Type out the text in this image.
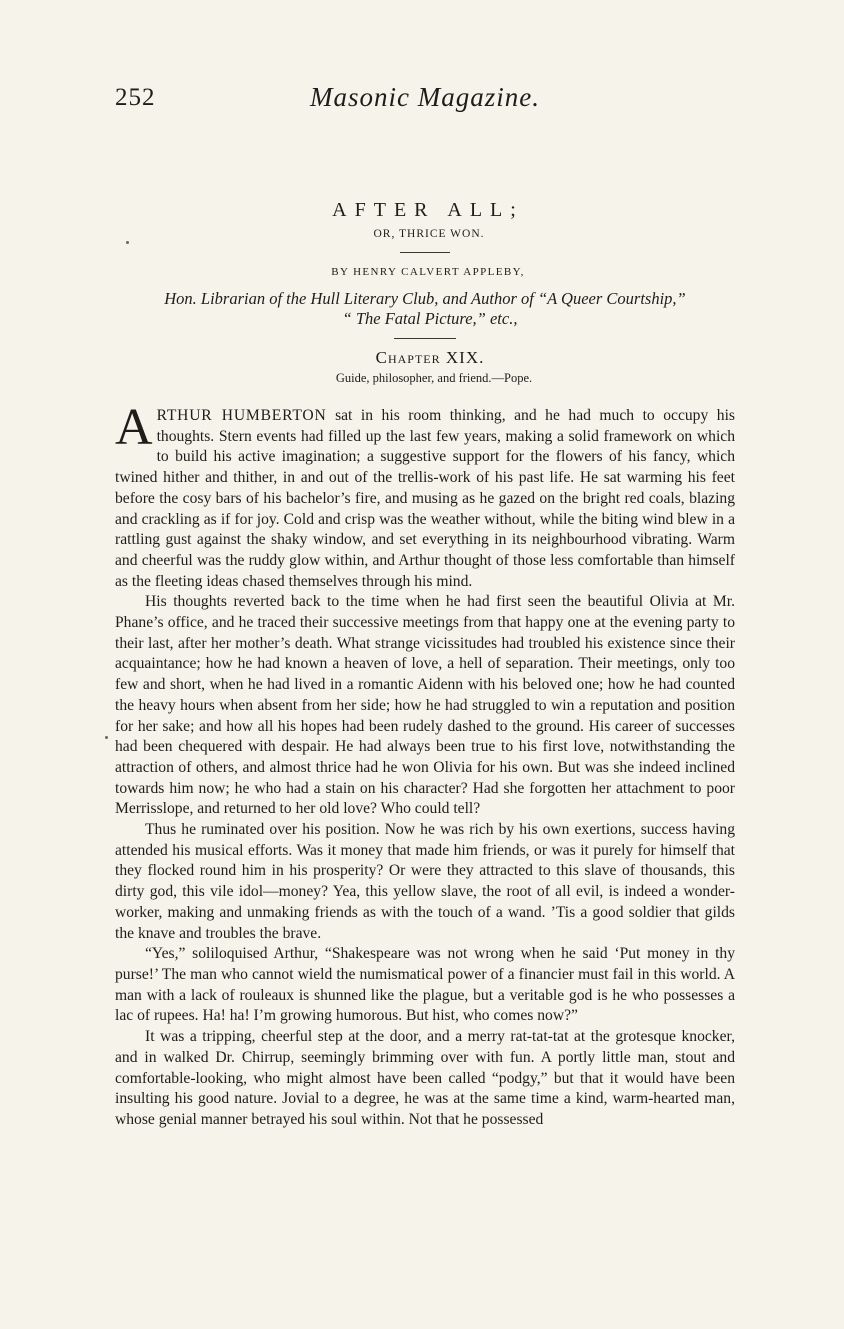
252	Masonic Magazine.
AFTER ALL;
OR, THRICE WON.
BY HENRY CALVERT APPLEBY,
Hon. Librarian of the Hull Literary Club, and Author of “A Queer Courtship,”
“ The Fatal Picture,” etc.,
Chapter XIX.
Guide, philosopher, and friend.—Pope.

ARTHUR HUMBERTON sat in his room thinking, and he had much to occupy his thoughts. Stern events had filled up the last few years, making a solid framework on which to build his active imagination; a suggestive support for the flowers of his fancy, which twined hither and thither, in and out of the trellis-work of his past life. He sat warming his feet before the cosy bars of his bachelor’s fire, and musing as he gazed on the bright red coals, blazing and crackling as if for joy. Cold and crisp was the weather without, while the biting wind blew in a rattling gust against the shaky window, and set everything in its neighbourhood vibrating. Warm and cheerful was the ruddy glow within, and Arthur thought of those less comfortable than himself as the fleeting ideas chased themselves through his mind.

His thoughts reverted back to the time when he had first seen the beautiful Olivia at Mr. Phane’s office, and he traced their successive meetings from that happy one at the evening party to their last, after her mother’s death. What strange vicissitudes had troubled his existence since their acquaintance; how he had known a heaven of love, a hell of separation. Their meetings, only too few and short, when he had lived in a romantic Aidenn with his beloved one; how he had counted the heavy hours when absent from her side; how he had struggled to win a reputation and position for her sake; and how all his hopes had been rudely dashed to the ground. His career of successes had been chequered with despair. He had always been true to his first love, notwithstanding the attraction of others, and almost thrice had he won Olivia for his own. But was she indeed inclined towards him now; he who had a stain on his character? Had she forgotten her attachment to poor Merrisslope, and returned to her old love? Who could tell?

Thus he ruminated over his position. Now he was rich by his own exertions, success having attended his musical efforts. Was it money that made him friends, or was it purely for himself that they flocked round him in his prosperity? Or were they attracted to this slave of thousands, this dirty god, this vile idol—money? Yea, this yellow slave, the root of all evil, is indeed a wonder-worker, making and unmaking friends as with the touch of a wand. ’Tis a good soldier that gilds the knave and troubles the brave.

“Yes,” soliloquised Arthur, “Shakespeare was not wrong when he said ‘Put money in thy purse!’ The man who cannot wield the numismatical power of a financier must fail in this world. A man with a lack of rouleaux is shunned like the plague, but a veritable god is he who possesses a lac of rupees. Ha! ha! I’m growing humorous. But hist, who comes now?”

It was a tripping, cheerful step at the door, and a merry rat-tat-tat at the grotesque knocker, and in walked Dr. Chirrup, seemingly brimming over with fun. A portly little man, stout and comfortable-looking, who might almost have been called “podgy,” but that it would have been insulting his good nature. Jovial to a degree, he was at the same time a kind, warm-hearted man, whose genial manner betrayed his soul within. Not that he possessed
